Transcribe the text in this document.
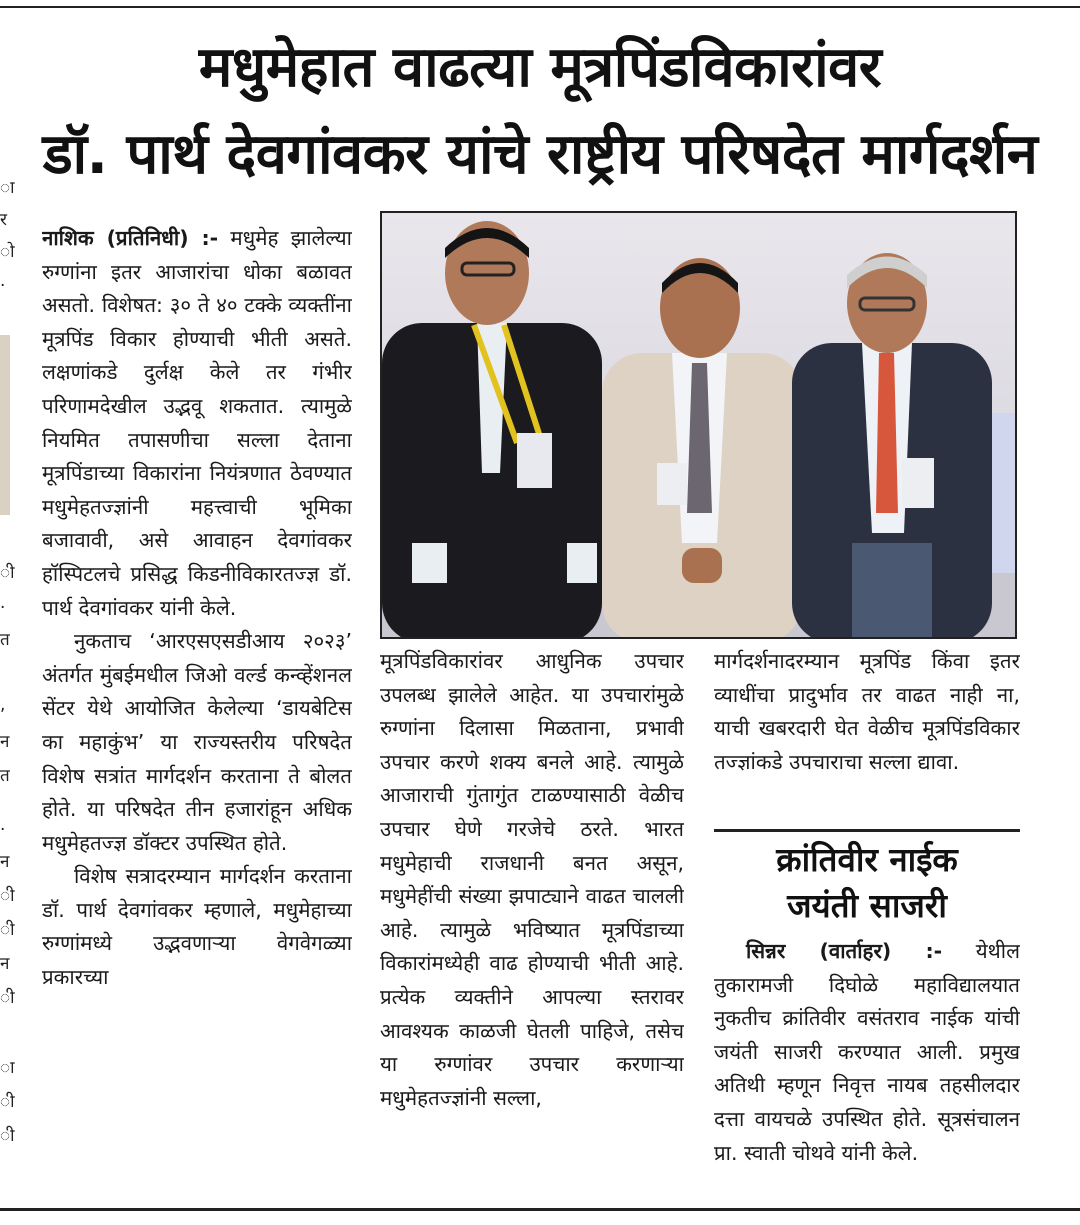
मधुमेहात वाढत्या मूत्रपिंडविकारांवर
डॉ. पार्थ देवगांवकर यांचे राष्ट्रीय परिषदेत मार्गदर्शन
ा
र
ो
.
ी
.
त
,
न
त
.
न
ी
ी
न
ी
ा
ी
ी

नाशिक (प्रतिनिधी) :- मधुमेह झालेल्या रुग्णांना इतर आजारांचा धोका बळावत असतो. विशेषत: ३० ते ४० टक्के व्यक्तींना मूत्रपिंड विकार होण्याची भीती असते. लक्षणांकडे दुर्लक्ष केले तर गंभीर परिणामदेखील उद्भवू शकतात. त्यामुळे नियमित तपासणीचा सल्ला देताना मूत्रपिंडाच्या विकारांना नियंत्रणात ठेवण्यात मधुमेहतज्ज्ञांनी महत्त्वाची भूमिका बजावावी, असे आवाहन देवगांवकर हॉस्पिटलचे प्रसिद्ध किडनीविकारतज्ज्ञ डॉ. पार्थ देवगांवकर यांनी केले.

नुकताच ‘आरएसएसडीआय २०२३’ अंतर्गत मुंबईमधील जिओ वर्ल्ड कन्व्हेंशनल सेंटर येथे आयोजित केलेल्या ‘डायबेटिस का महाकुंभ’ या राज्यस्तरीय परिषदेत विशेष सत्रांत मार्गदर्शन करताना ते बोलत होते. या परिषदेत तीन हजारांहून अधिक मधुमेहतज्ज्ञ डॉक्टर उपस्थित होते.

विशेष सत्रादरम्यान मार्गदर्शन करताना डॉ. पार्थ देवगांवकर म्हणाले, मधुमेहाच्या रुग्णांमध्ये उद्भवणाऱ्या वेगवेगळ्या प्रकारच्या

मूत्रपिंडविकारांवर आधुनिक उपचार उपलब्ध झालेले आहेत. या उपचारांमुळे रुग्णांना दिलासा मिळताना, प्रभावी उपचार करणे शक्य बनले आहे. त्यामुळे आजाराची गुंतागुंत टाळण्यासाठी वेळीच उपचार घेणे गरजेचे ठरते. भारत मधुमेहाची राजधानी बनत असून, मधुमेहींची संख्या झपाट्याने वाढत चालली आहे. त्यामुळे भविष्यात मूत्रपिंडाच्या विकारांमध्येही वाढ होण्याची भीती आहे. प्रत्येक व्यक्तीने आपल्या स्तरावर आवश्यक काळजी घेतली पाहिजे, तसेच या रुग्णांवर उपचार करणाऱ्या मधुमेहतज्ज्ञांनी सल्ला,

मार्गदर्शनादरम्यान मूत्रपिंड किंवा इतर व्याधींचा प्रादुर्भाव तर वाढत नाही ना, याची खबरदारी घेत वेळीच मूत्रपिंडविकार तज्ज्ञांकडे उपचाराचा सल्ला द्यावा.

क्रांतिवीर नाईक
जयंती साजरी

सिन्नर (वार्ताहर) :- येथील तुकारामजी दिघोळे महाविद्यालयात नुकतीच क्रांतिवीर वसंतराव नाईक यांची जयंती साजरी करण्यात आली. प्रमुख अतिथी म्हणून निवृत्त नायब तहसीलदार दत्ता वायचळे उपस्थित होते. सूत्रसंचालन प्रा. स्वाती चोथवे यांनी केले.
